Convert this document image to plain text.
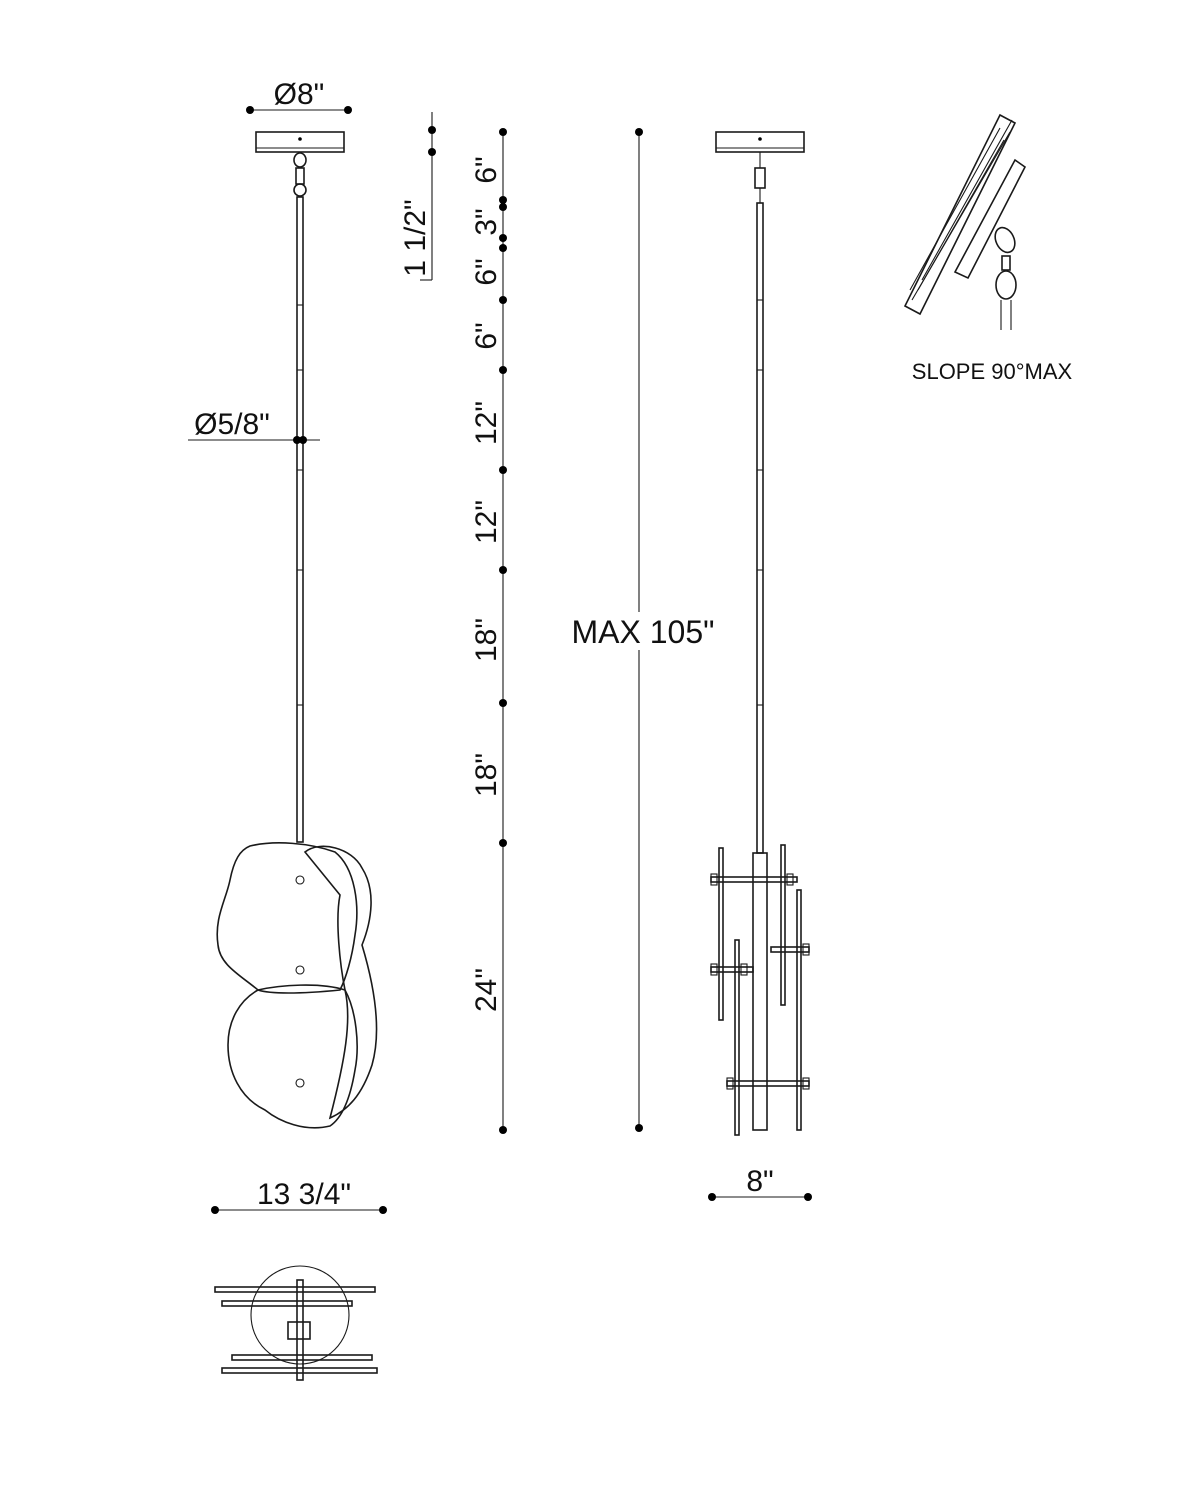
Ø8"
Ø5/8"
13 3/4"
1 1/2"
6"
3"
6"
6"
12"
12"
18"
18"
24"
MAX 105"
8"
SLOPE 90°MAX
